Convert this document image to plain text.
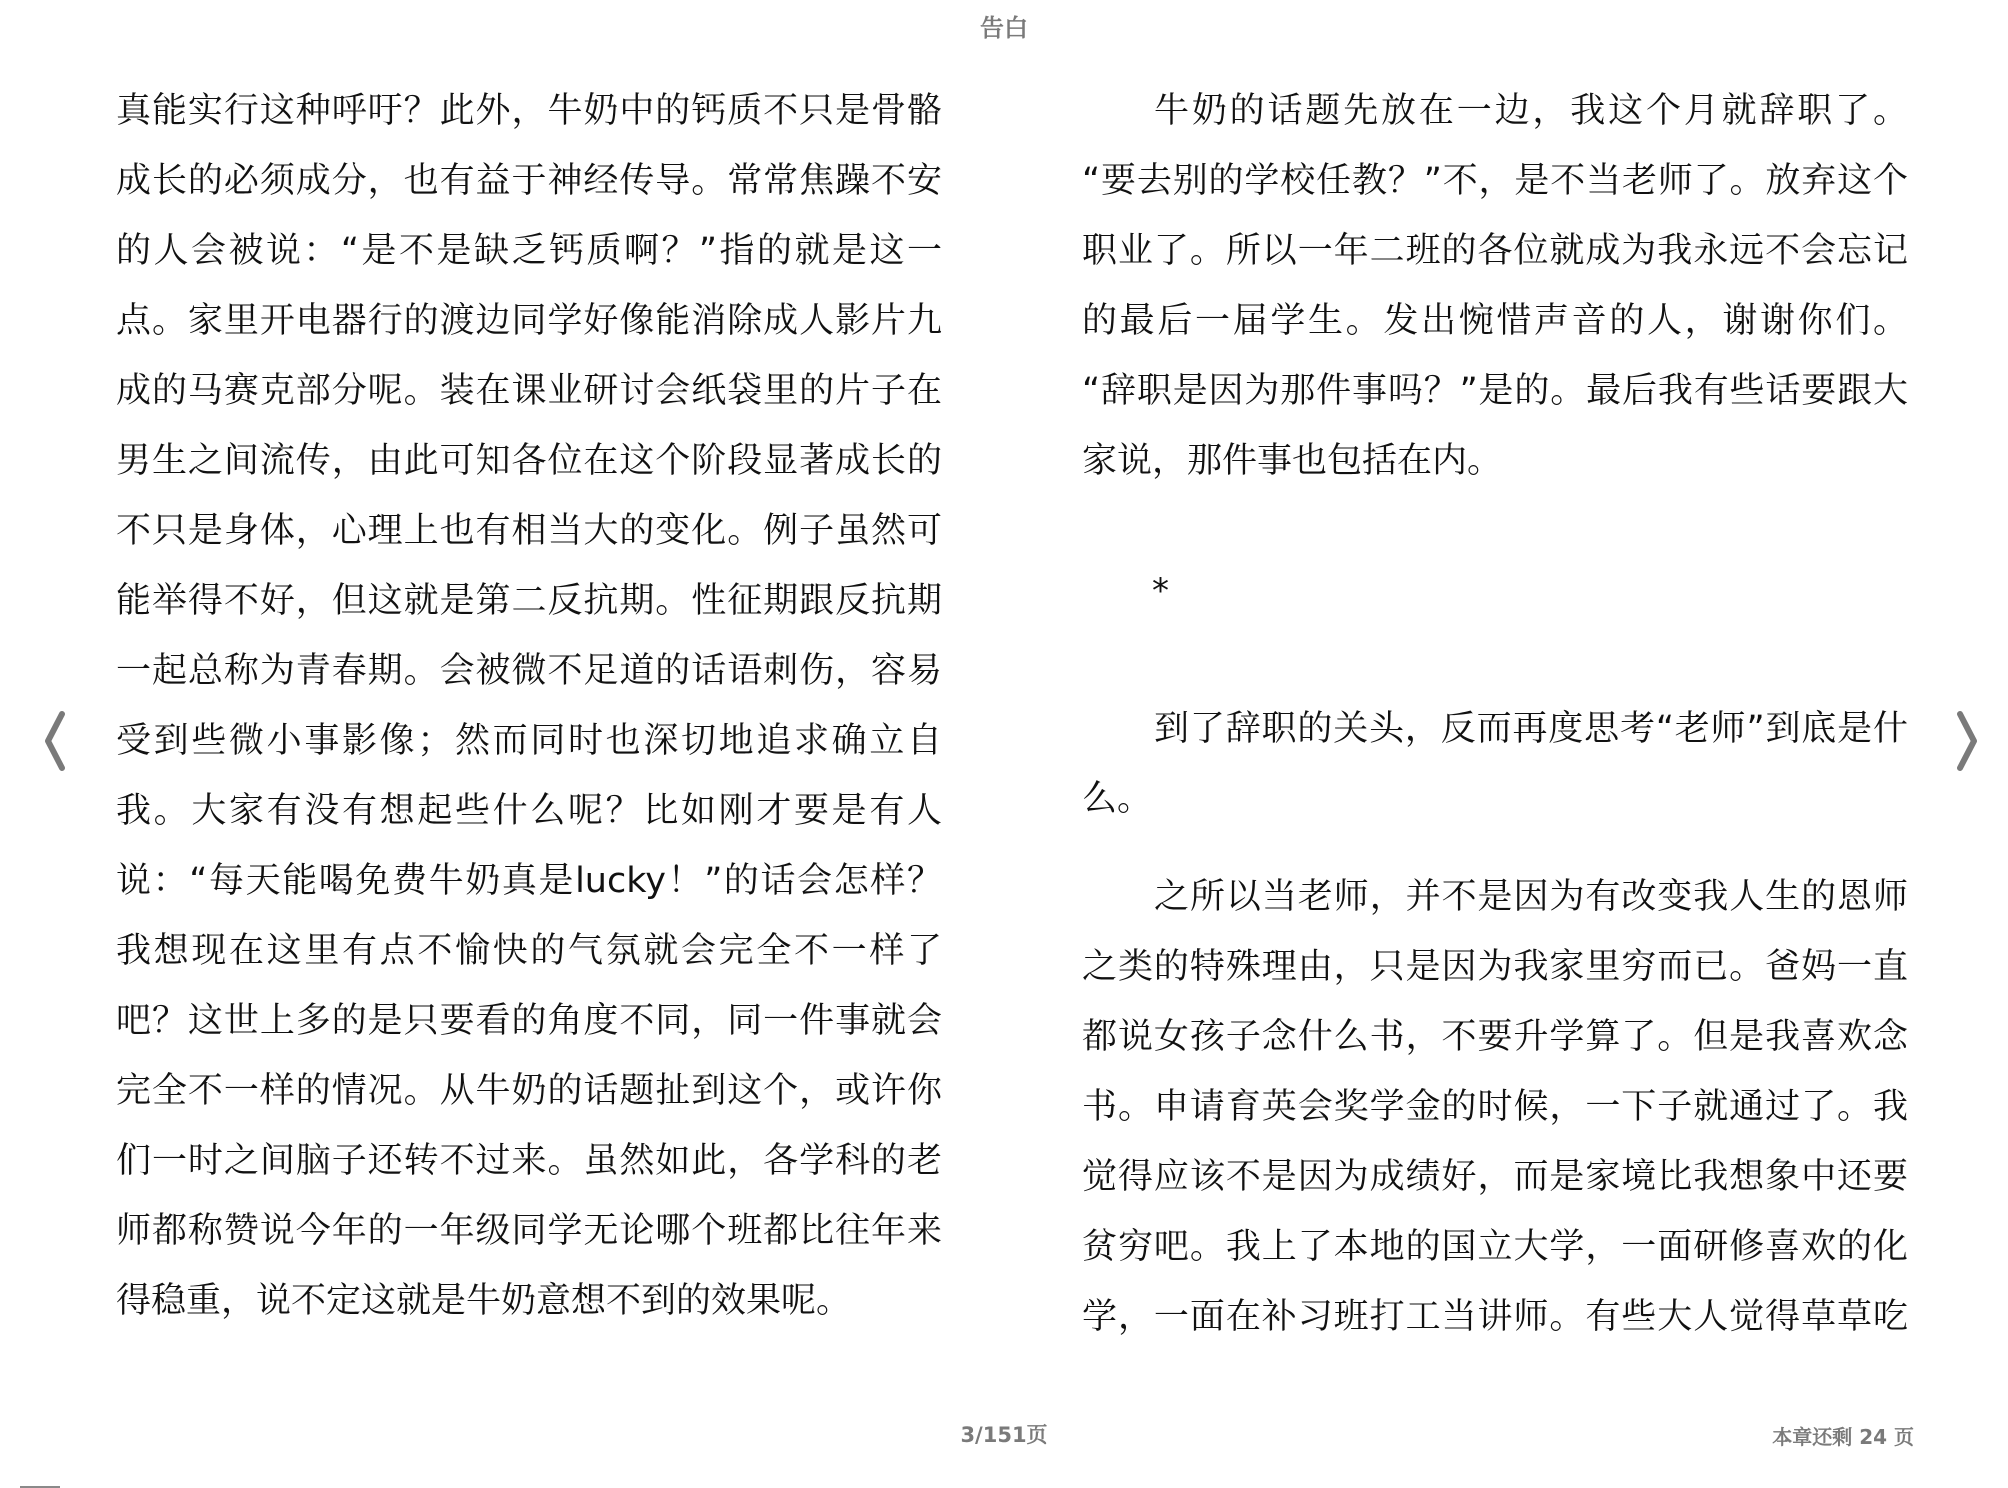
告白
真能实行这种呼吁？此外，牛奶中的钙质不只是骨骼
成长的必须成分，也有益于神经传导。常常焦躁不安
的人会被说：“是不是缺乏钙质啊？”指的就是这一
点。家里开电器行的渡边同学好像能消除成人影片九
成的马赛克部分呢。装在课业研讨会纸袋里的片子在
男生之间流传，由此可知各位在这个阶段显著成长的
不只是身体，心理上也有相当大的变化。例子虽然可
能举得不好，但这就是第二反抗期。性征期跟反抗期
一起总称为青春期。会被微不足道的话语刺伤，容易
受到些微小事影像；然而同时也深切地追求确立自
我。大家有没有想起些什么呢？比如刚才要是有人
说：“每天能喝免费牛奶真是lucky！”的话会怎样？
我想现在这里有点不愉快的气氛就会完全不一样了
吧？这世上多的是只要看的角度不同，同一件事就会
完全不一样的情况。从牛奶的话题扯到这个，或许你
们一时之间脑子还转不过来。虽然如此，各学科的老
师都称赞说今年的一年级同学无论哪个班都比往年来
得稳重，说不定这就是牛奶意想不到的效果呢。
牛奶的话题先放在一边，我这个月就辞职了。
“要去别的学校任教？”不，是不当老师了。放弃这个
职业了。所以一年二班的各位就成为我永远不会忘记
的最后一届学生。发出惋惜声音的人，谢谢你们。
“辞职是因为那件事吗？”是的。最后我有些话要跟大
家说，那件事也包括在内。
*
到了辞职的关头，反而再度思考“老师”到底是什
么。
之所以当老师，并不是因为有改变我人生的恩师
之类的特殊理由，只是因为我家里穷而已。爸妈一直
都说女孩子念什么书，不要升学算了。但是我喜欢念
书。申请育英会奖学金的时候，一下子就通过了。我
觉得应该不是因为成绩好，而是家境比我想象中还要
贫穷吧。我上了本地的国立大学，一面研修喜欢的化
学，一面在补习班打工当讲师。有些大人觉得草草吃
3/151页	本章还剩 24 页
